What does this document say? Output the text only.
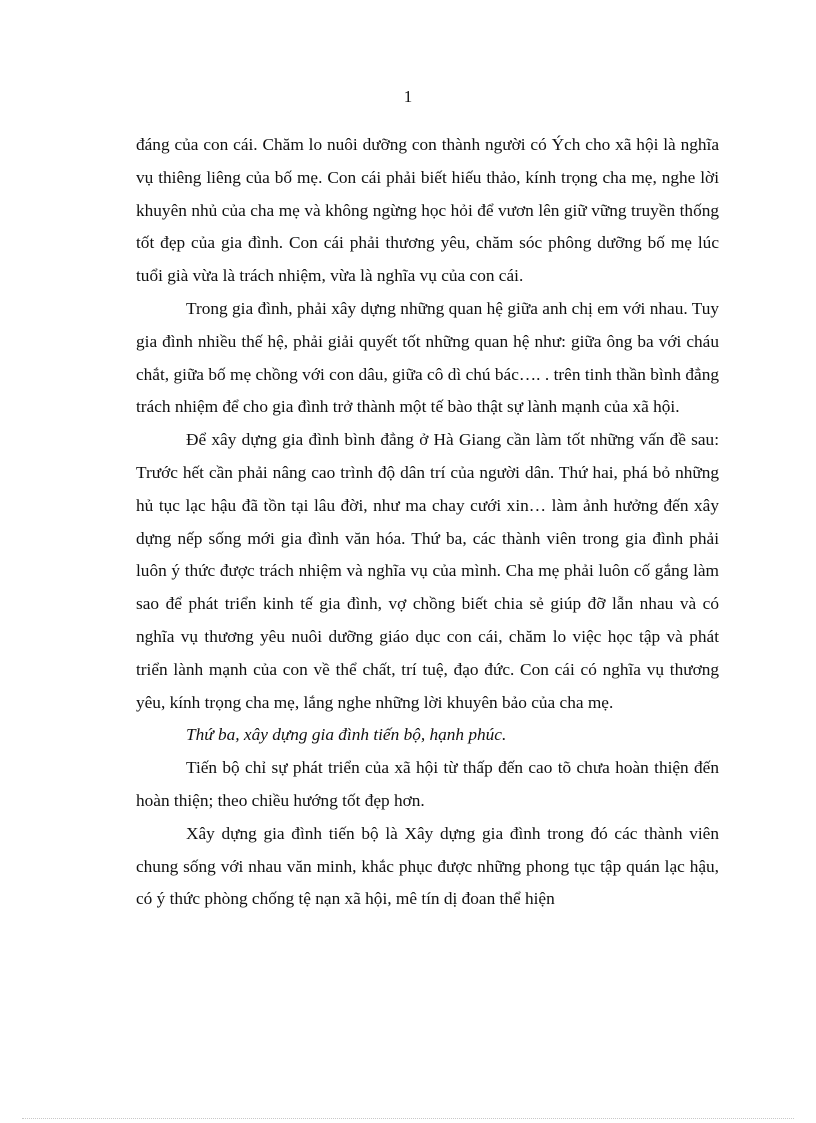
1

đáng của con cái. Chăm lo nuôi dưỡng con thành người có Ých cho xã hội là nghĩa vụ thiêng liêng của bố mẹ. Con cái phải biết hiếu thảo, kính trọng cha mẹ, nghe lời khuyên nhủ của cha mẹ và không ngừng học hỏi để vươn lên giữ vững truyền thống tốt đẹp của gia đình. Con cái phải thương yêu, chăm sóc phông dưỡng bố mẹ lúc tuổi già vừa là trách nhiệm, vừa là nghĩa vụ của con cái.

Trong gia đình, phải xây dựng những quan hệ giữa anh chị em với nhau. Tuy gia đình nhiều thế hệ, phải giải quyết tốt những quan hệ như: giữa ông ba với cháu chắt, giữa bố mẹ chồng với con dâu, giữa cô dì chú bác…. . trên tinh thần bình đẳng trách nhiệm để cho gia đình trở thành một tế bào thật sự lành mạnh của xã hội.

Để xây dựng gia đình bình đẳng ở Hà Giang cần làm tốt những vấn đề sau: Trước hết cần phải nâng cao trình độ dân trí của người dân. Thứ hai, phá bỏ những hủ tục lạc hậu đã tồn tại lâu đời, như ma chay cưới xin… làm ảnh hưởng đến xây dựng nếp sống mới gia đình văn hóa. Thứ ba, các thành viên trong gia đình phải luôn ý thức được trách nhiệm và nghĩa vụ của mình. Cha mẹ phải luôn cố gắng làm sao để phát triển kinh tế gia đình, vợ chồng biết chia sẻ giúp đỡ lẫn nhau và có nghĩa vụ thương yêu nuôi dưỡng giáo dục con cái, chăm lo việc học tập và phát triển lành mạnh của con về thể chất, trí tuệ, đạo đức. Con cái có nghĩa vụ thương yêu, kính trọng cha mẹ, lắng nghe những lời khuyên bảo của cha mẹ.

Thứ ba, xây dựng gia đình tiến bộ, hạnh phúc.

Tiến bộ chỉ sự phát triển của xã hội từ thấp đến cao tõ chưa hoàn thiện đến hoàn thiện; theo chiều hướng tốt đẹp hơn.

Xây dựng gia đình tiến bộ là Xây dựng gia đình trong đó các thành viên chung sống với nhau văn minh, khắc phục được những phong tục tập quán lạc hậu, có ý thức phòng chống tệ nạn xã hội, mê tín dị đoan thể hiện
